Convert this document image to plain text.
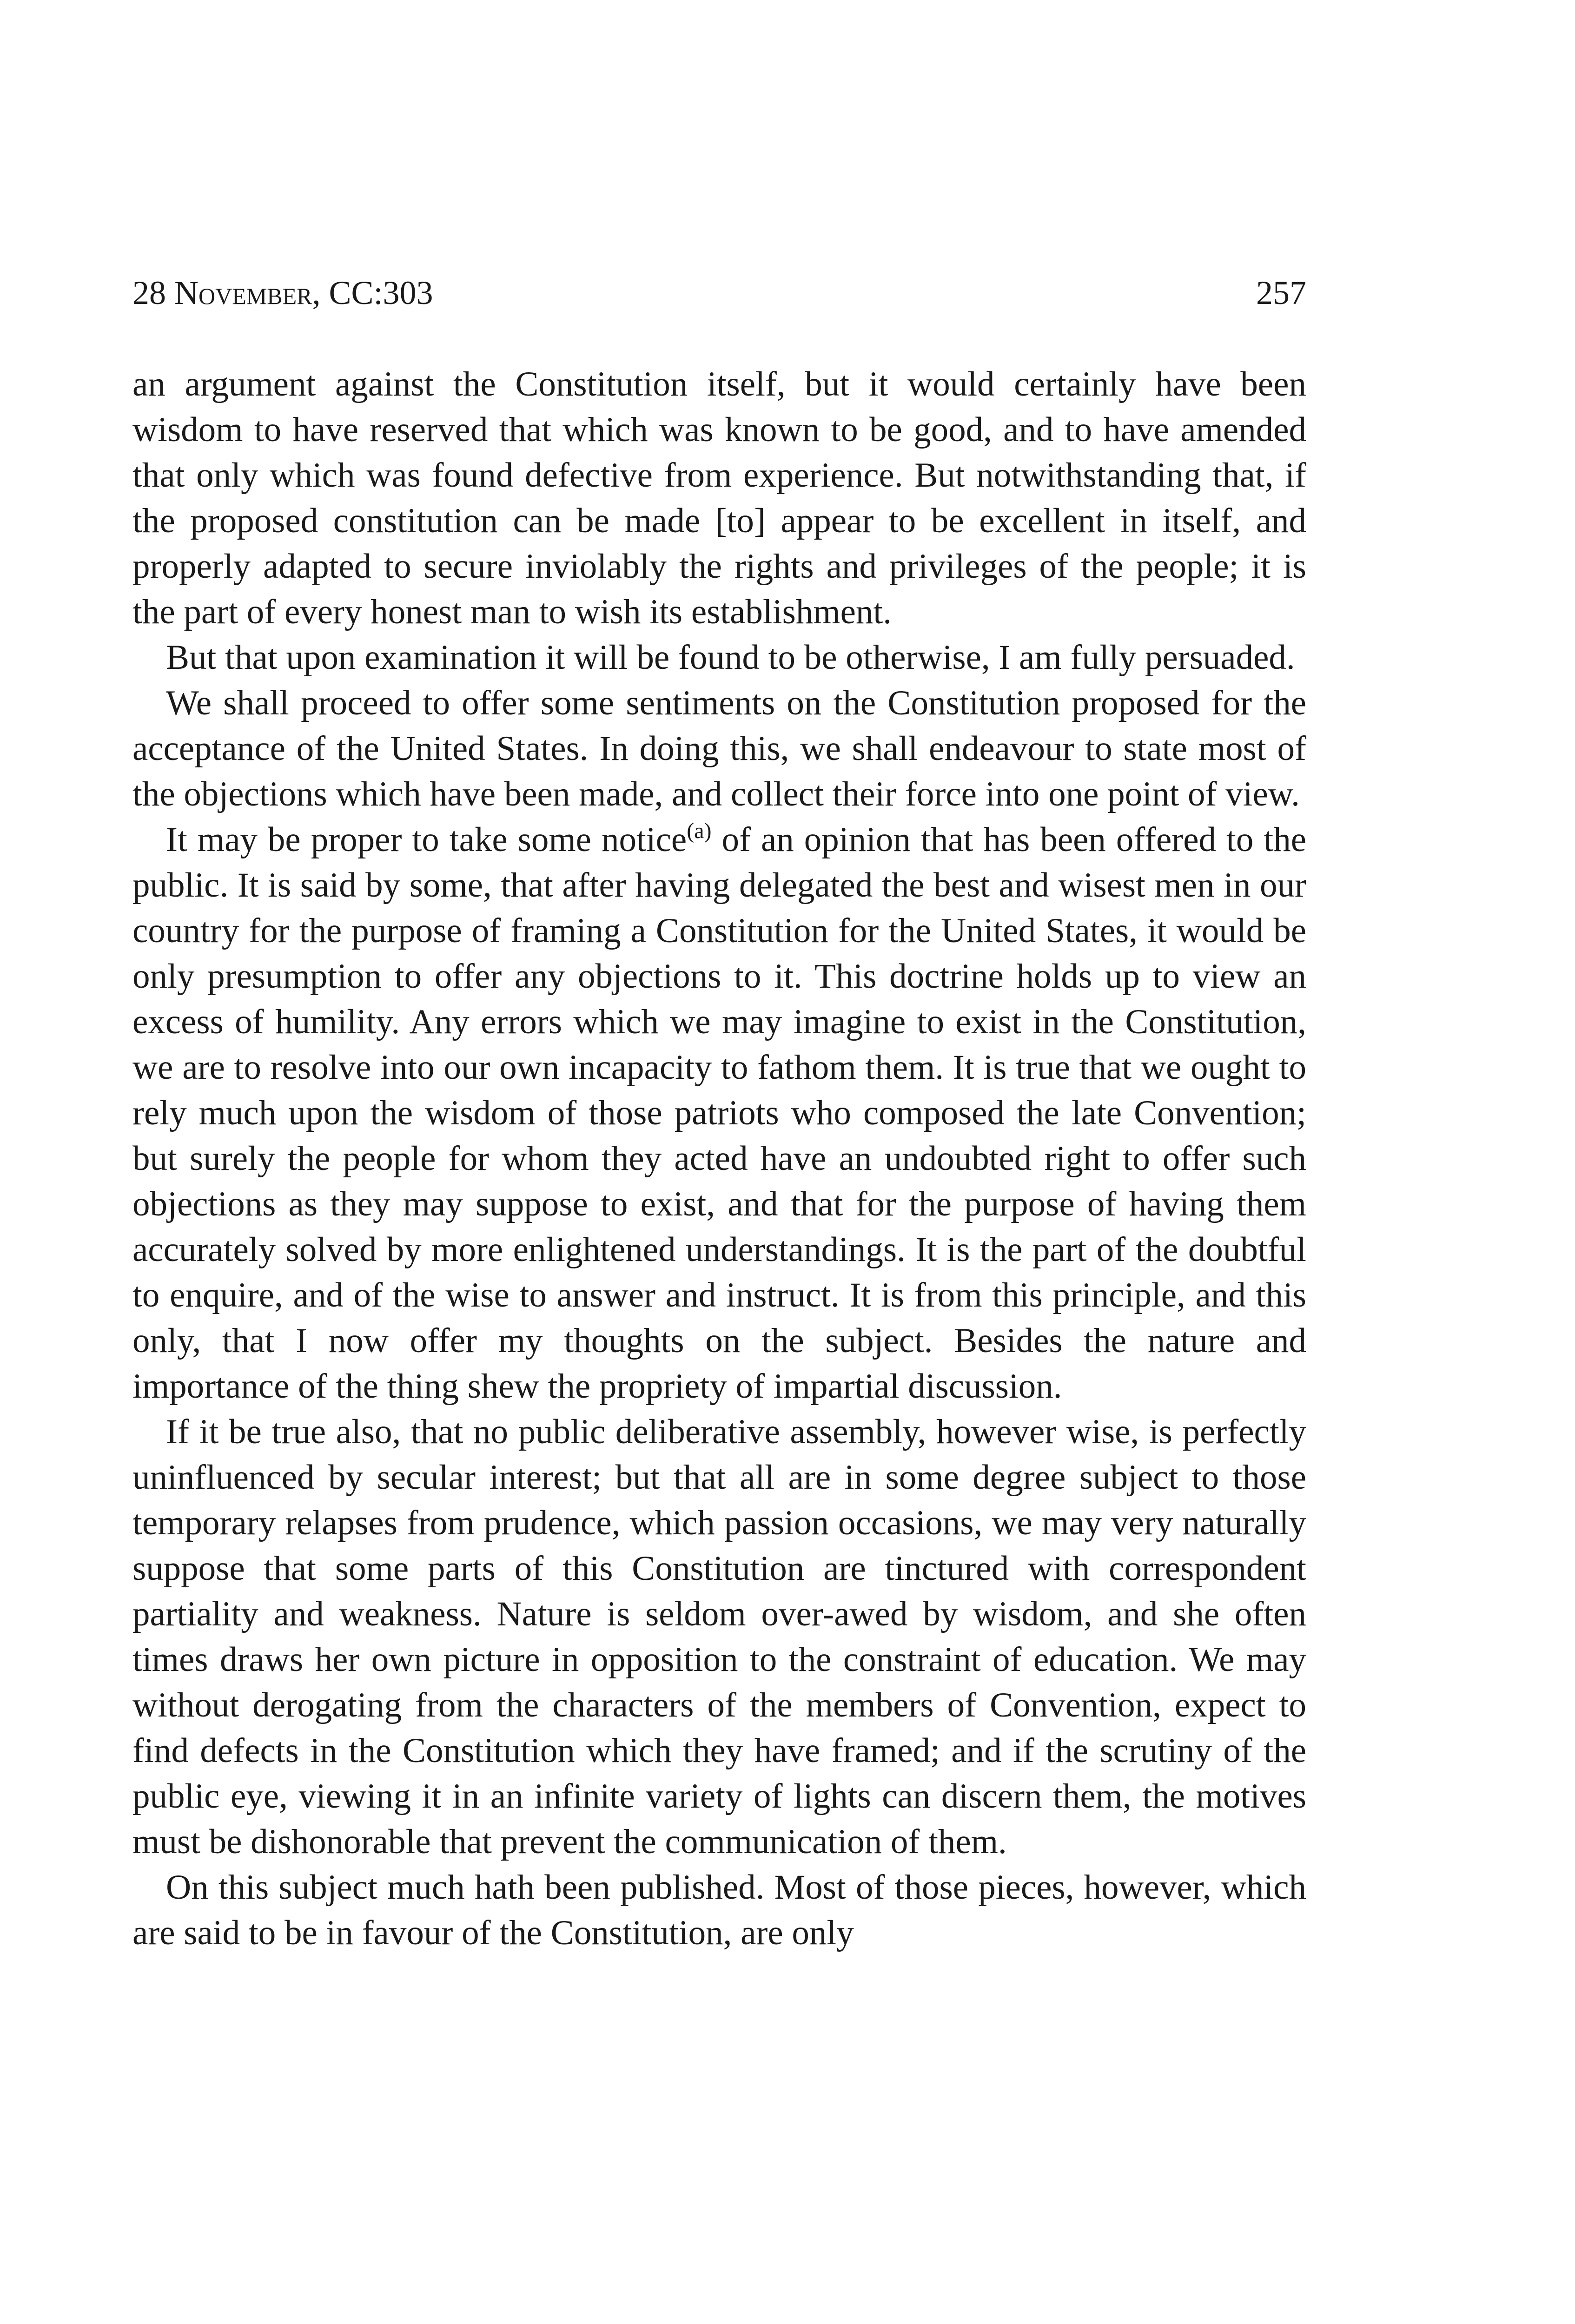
28 November, CC:303	257

an argument against the Constitution itself, but it would certainly have been wisdom to have reserved that which was known to be good, and to have amended that only which was found defective from experience. But notwithstanding that, if the proposed constitution can be made [to] appear to be excellent in itself, and properly adapted to secure inviolably the rights and privileges of the people; it is the part of every honest man to wish its establishment.

But that upon examination it will be found to be otherwise, I am fully persuaded.

We shall proceed to offer some sentiments on the Constitution proposed for the acceptance of the United States. In doing this, we shall endeavour to state most of the objections which have been made, and collect their force into one point of view.

It may be proper to take some notice$^{(a)}$ of an opinion that has been offered to the public. It is said by some, that after having delegated the best and wisest men in our country for the purpose of framing a Constitution for the United States, it would be only presumption to offer any objections to it. This doctrine holds up to view an excess of humility. Any errors which we may imagine to exist in the Constitution, we are to resolve into our own incapacity to fathom them. It is true that we ought to rely much upon the wisdom of those patriots who composed the late Convention; but surely the people for whom they acted have an undoubted right to offer such objections as they may suppose to exist, and that for the purpose of having them accurately solved by more enlightened understandings. It is the part of the doubtful to enquire, and of the wise to answer and instruct. It is from this principle, and this only, that I now offer my thoughts on the subject. Besides the nature and importance of the thing shew the propriety of impartial discussion.

If it be true also, that no public deliberative assembly, however wise, is perfectly uninfluenced by secular interest; but that all are in some degree subject to those temporary relapses from prudence, which passion occasions, we may very naturally suppose that some parts of this Constitution are tinctured with correspondent partiality and weakness. Nature is seldom over-awed by wisdom, and she often times draws her own picture in opposition to the constraint of education. We may without derogating from the characters of the members of Convention, expect to find defects in the Constitution which they have framed; and if the scrutiny of the public eye, viewing it in an infinite variety of lights can discern them, the motives must be dishonorable that prevent the communication of them.

On this subject much hath been published. Most of those pieces, however, which are said to be in favour of the Constitution, are only
